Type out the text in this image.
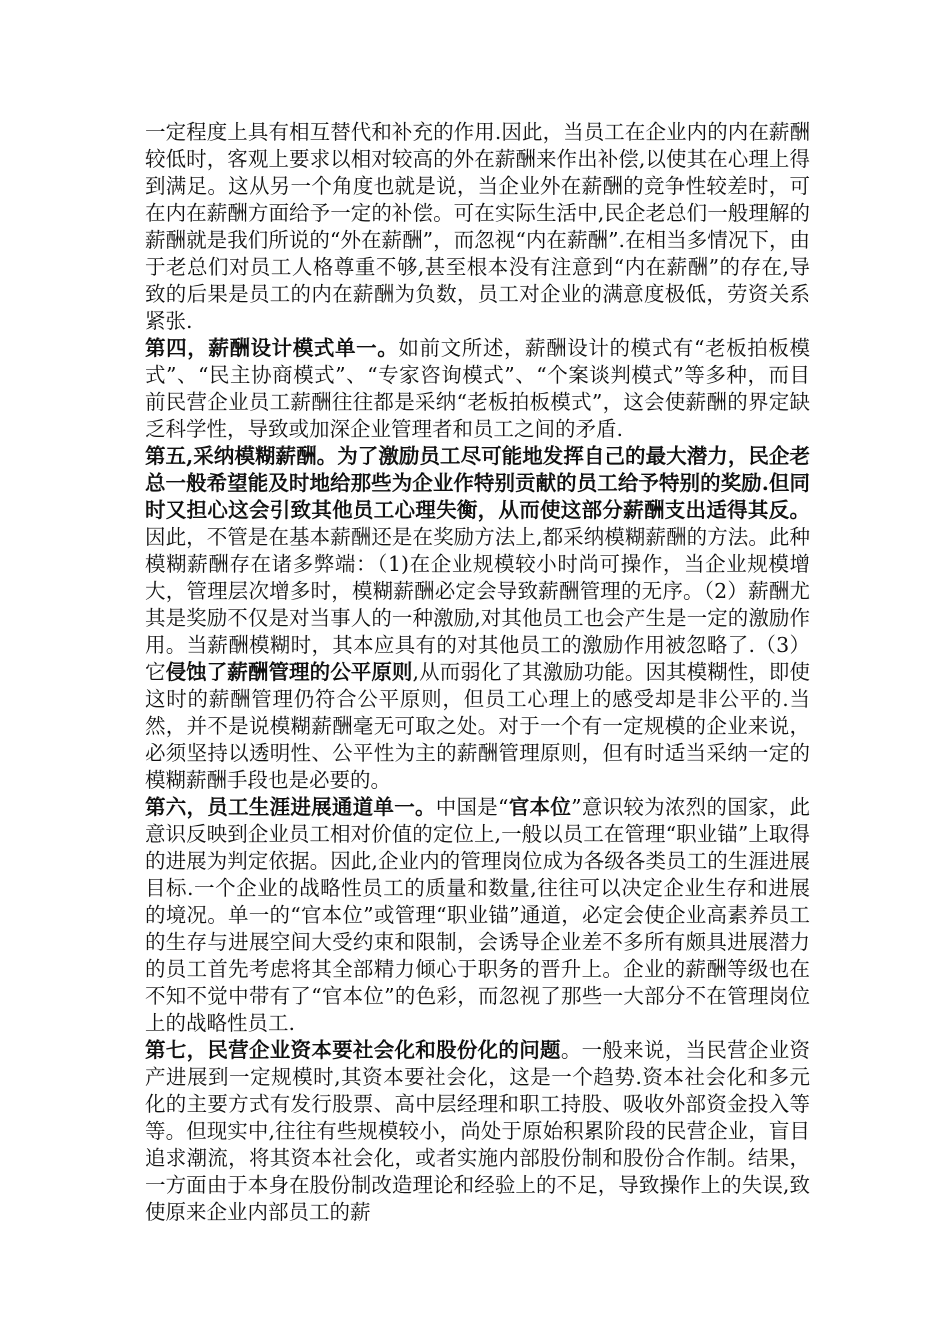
一定程度上具有相互替代和补充的作用.因此，当员工在企业内的内在薪酬较低时，客观上要求以相对较高的外在薪酬来作出补偿,以使其在心理上得到满足。这从另一个角度也就是说，当企业外在薪酬的竞争性较差时，可在内在薪酬方面给予一定的补偿。可在实际生活中,民企老总们一般理解的薪酬就是我们所说的“外在薪酬”，而忽视“内在薪酬”.在相当多情况下，由于老总们对员工人格尊重不够,甚至根本没有注意到“内在薪酬”的存在,导致的后果是员工的内在薪酬为负数，员工对企业的满意度极低，劳资关系紧张.

第四，薪酬设计模式单一。如前文所述，薪酬设计的模式有“老板拍板模式”、“民主协商模式”、“专家咨询模式”、“个案谈判模式”等多种，而目前民营企业员工薪酬往往都是采纳“老板拍板模式”，这会使薪酬的界定缺乏科学性，导致或加深企业管理者和员工之间的矛盾.

第五,采纳模糊薪酬。为了激励员工尽可能地发挥自己的最大潜力，民企老总一般希望能及时地给那些为企业作特别贡献的员工给予特别的奖励.但同时又担心这会引致其他员工心理失衡，从而使这部分薪酬支出适得其反。因此，不管是在基本薪酬还是在奖励方法上,都采纳模糊薪酬的方法。此种模糊薪酬存在诸多弊端：（1)在企业规模较小时尚可操作，当企业规模增大，管理层次增多时，模糊薪酬必定会导致薪酬管理的无序。（2）薪酬尤其是奖励不仅是对当事人的一种激励,对其他员工也会产生是一定的激励作用。当薪酬模糊时，其本应具有的对其他员工的激励作用被忽略了.（3）它侵蚀了薪酬管理的公平原则,从而弱化了其激励功能。因其模糊性，即使这时的薪酬管理仍符合公平原则，但员工心理上的感受却是非公平的.当然，并不是说模糊薪酬毫无可取之处。对于一个有一定规模的企业来说，必须坚持以透明性、公平性为主的薪酬管理原则，但有时适当采纳一定的模糊薪酬手段也是必要的。

第六，员工生涯进展通道单一。中国是“官本位”意识较为浓烈的国家，此意识反映到企业员工相对价值的定位上,一般以员工在管理“职业锚”上取得的进展为判定依据。因此,企业内的管理岗位成为各级各类员工的生涯进展目标.一个企业的战略性员工的质量和数量,往往可以决定企业生存和进展的境况。单一的“官本位”或管理“职业锚”通道，必定会使企业高素养员工的生存与进展空间大受约束和限制，会诱导企业差不多所有颇具进展潜力的员工首先考虑将其全部精力倾心于职务的晋升上。企业的薪酬等级也在不知不觉中带有了“官本位”的色彩，而忽视了那些一大部分不在管理岗位上的战略性员工.

第七，民营企业资本要社会化和股份化的问题。一般来说，当民营企业资产进展到一定规模时,其资本要社会化，这是一个趋势.资本社会化和多元化的主要方式有发行股票、高中层经理和职工持股、吸收外部资金投入等等。但现实中,往往有些规模较小，尚处于原始积累阶段的民营企业，盲目追求潮流，将其资本社会化，或者实施内部股份制和股份合作制。结果，一方面由于本身在股份制改造理论和经验上的不足，导致操作上的失误,致使原来企业内部员工的薪
